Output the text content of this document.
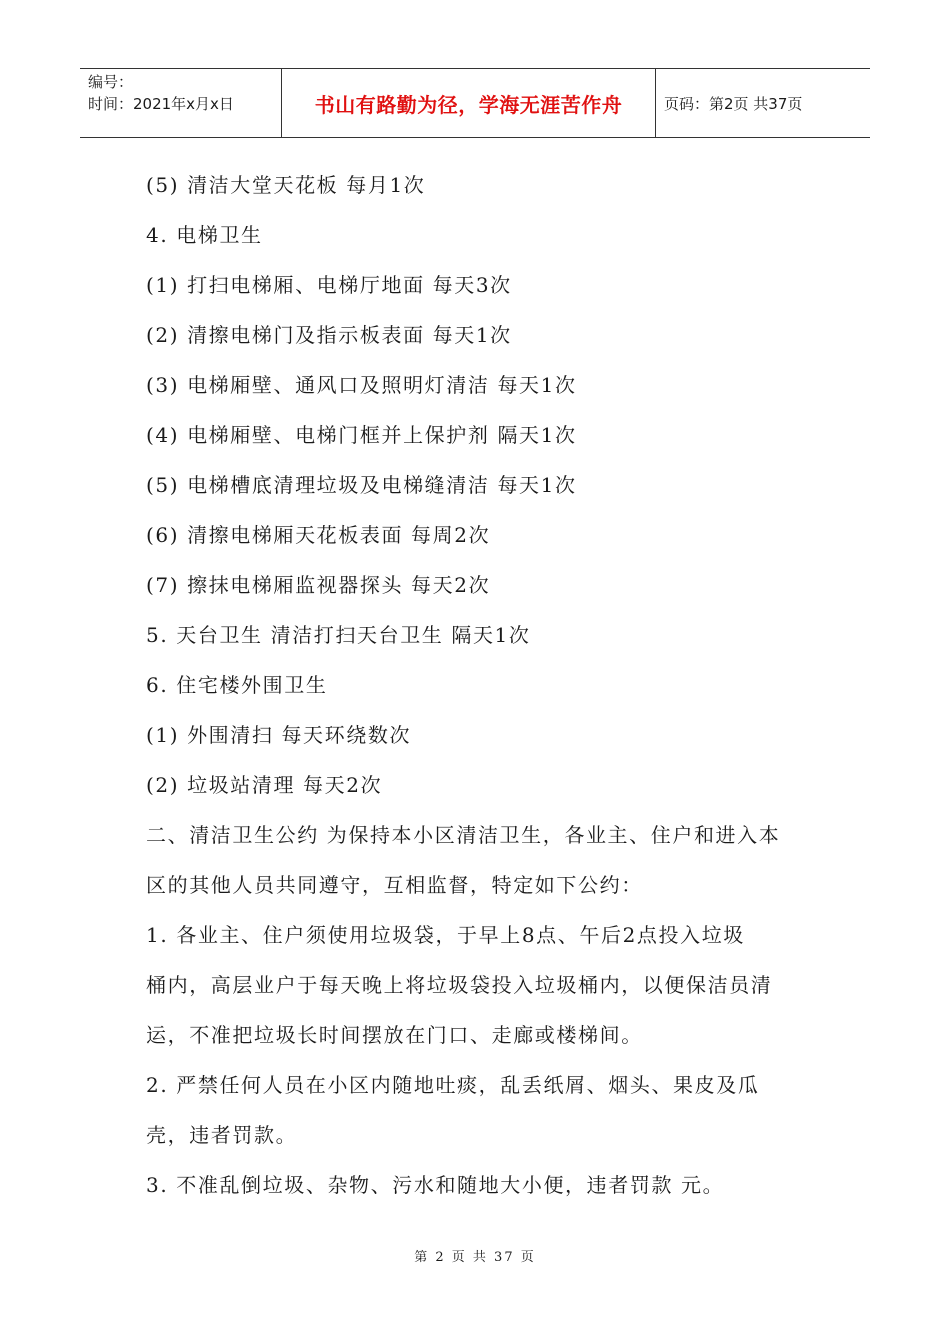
编号：
时间：2021年x月x日	书山有路勤为径，学海无涯苦作舟	页码：第2页 共37页
(5) 清洁大堂天花板 每月1次
4. 电梯卫生
(1) 打扫电梯厢、电梯厅地面 每天3次
(2) 清擦电梯门及指示板表面 每天1次
(3) 电梯厢壁、通风口及照明灯清洁 每天1次
(4) 电梯厢壁、电梯门框并上保护剂 隔天1次
(5) 电梯槽底清理垃圾及电梯缝清洁 每天1次
(6) 清擦电梯厢天花板表面 每周2次
(7) 擦抹电梯厢监视器探头 每天2次
5. 天台卫生 清洁打扫天台卫生 隔天1次
6. 住宅楼外围卫生
(1) 外围清扫 每天环绕数次
(2) 垃圾站清理 每天2次
二、清洁卫生公约 为保持本小区清洁卫生，各业主、住户和进入本
区的其他人员共同遵守，互相监督，特定如下公约：
1. 各业主、住户须使用垃圾袋，于早上8点、午后2点投入垃圾
桶内，高层业户于每天晚上将垃圾袋投入垃圾桶内，以便保洁员清
运，不准把垃圾长时间摆放在门口、走廊或楼梯间。
2. 严禁任何人员在小区内随地吐痰，乱丢纸屑、烟头、果皮及瓜
壳，违者罚款。
3. 不准乱倒垃圾、杂物、污水和随地大小便，违者罚款 元。
第 2 页 共 37 页
